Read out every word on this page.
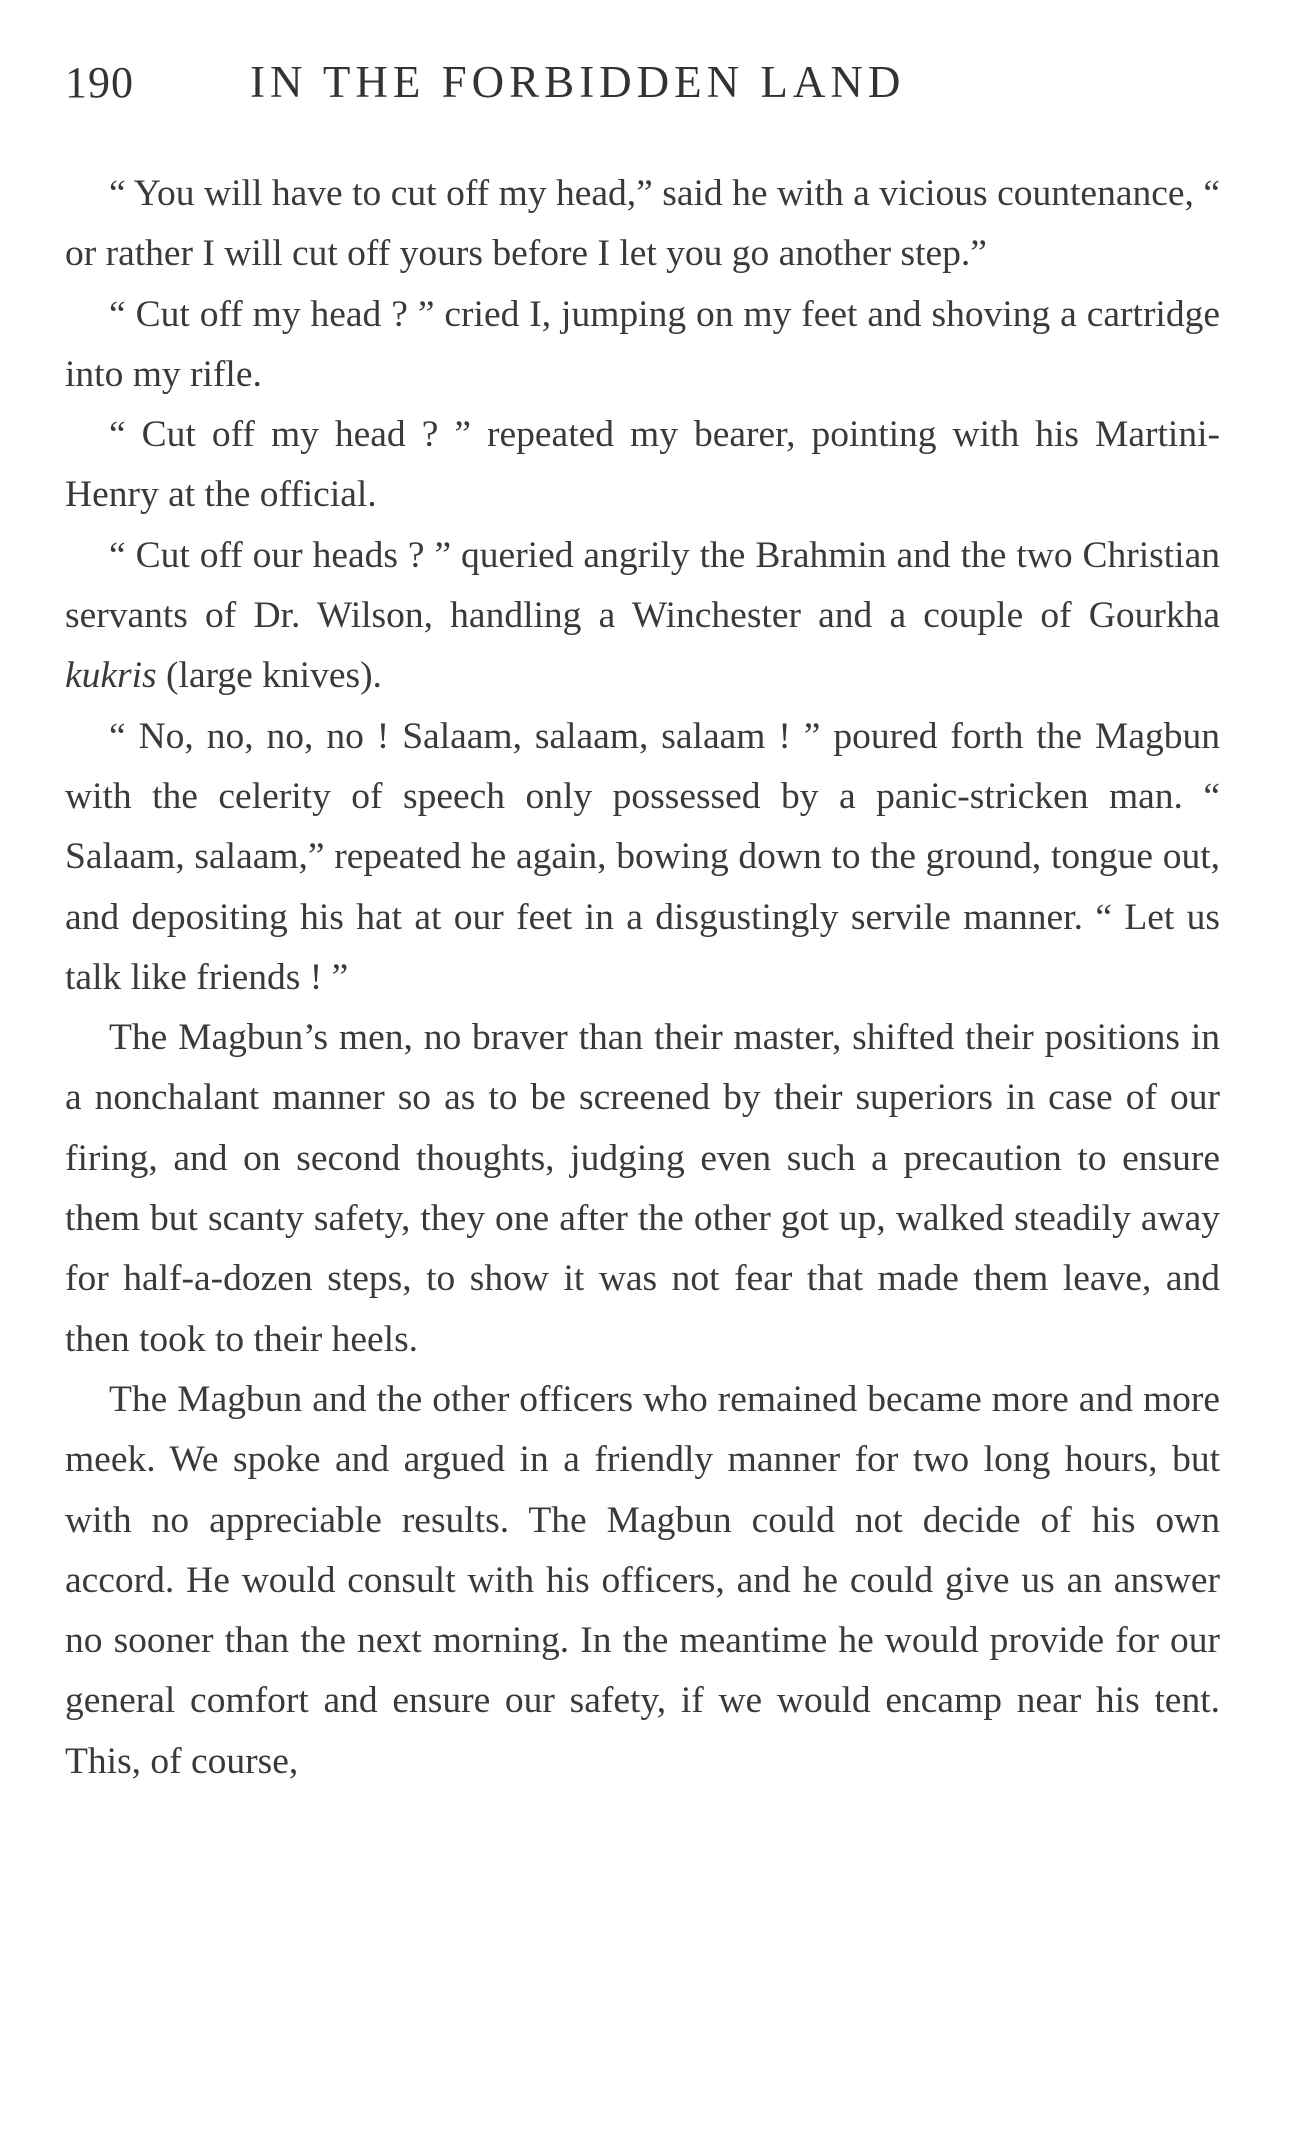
190	IN THE FORBIDDEN LAND

“ You will have to cut off my head,” said he with a vicious countenance, “ or rather I will cut off yours before I let you go another step.”

“ Cut off my head ? ” cried I, jumping on my feet and shoving a cartridge into my rifle.

“ Cut off my head ? ” repeated my bearer, pointing with his Martini-Henry at the official.

“ Cut off our heads ? ” queried angrily the Brahmin and the two Christian servants of Dr. Wilson, handling a Winchester and a couple of Gourkha kukris (large knives).

“ No, no, no, no ! Salaam, salaam, salaam ! ” poured forth the Magbun with the celerity of speech only possessed by a panic-stricken man. “ Salaam, salaam,” repeated he again, bowing down to the ground, tongue out, and depositing his hat at our feet in a disgustingly servile manner. “ Let us talk like friends ! ”

The Magbun’s men, no braver than their master, shifted their positions in a nonchalant manner so as to be screened by their superiors in case of our firing, and on second thoughts, judging even such a precaution to ensure them but scanty safety, they one after the other got up, walked steadily away for half-a-dozen steps, to show it was not fear that made them leave, and then took to their heels.

The Magbun and the other officers who remained became more and more meek. We spoke and argued in a friendly manner for two long hours, but with no appreciable results. The Magbun could not decide of his own accord. He would consult with his officers, and he could give us an answer no sooner than the next morning. In the meantime he would provide for our general comfort and ensure our safety, if we would encamp near his tent. This, of course,
